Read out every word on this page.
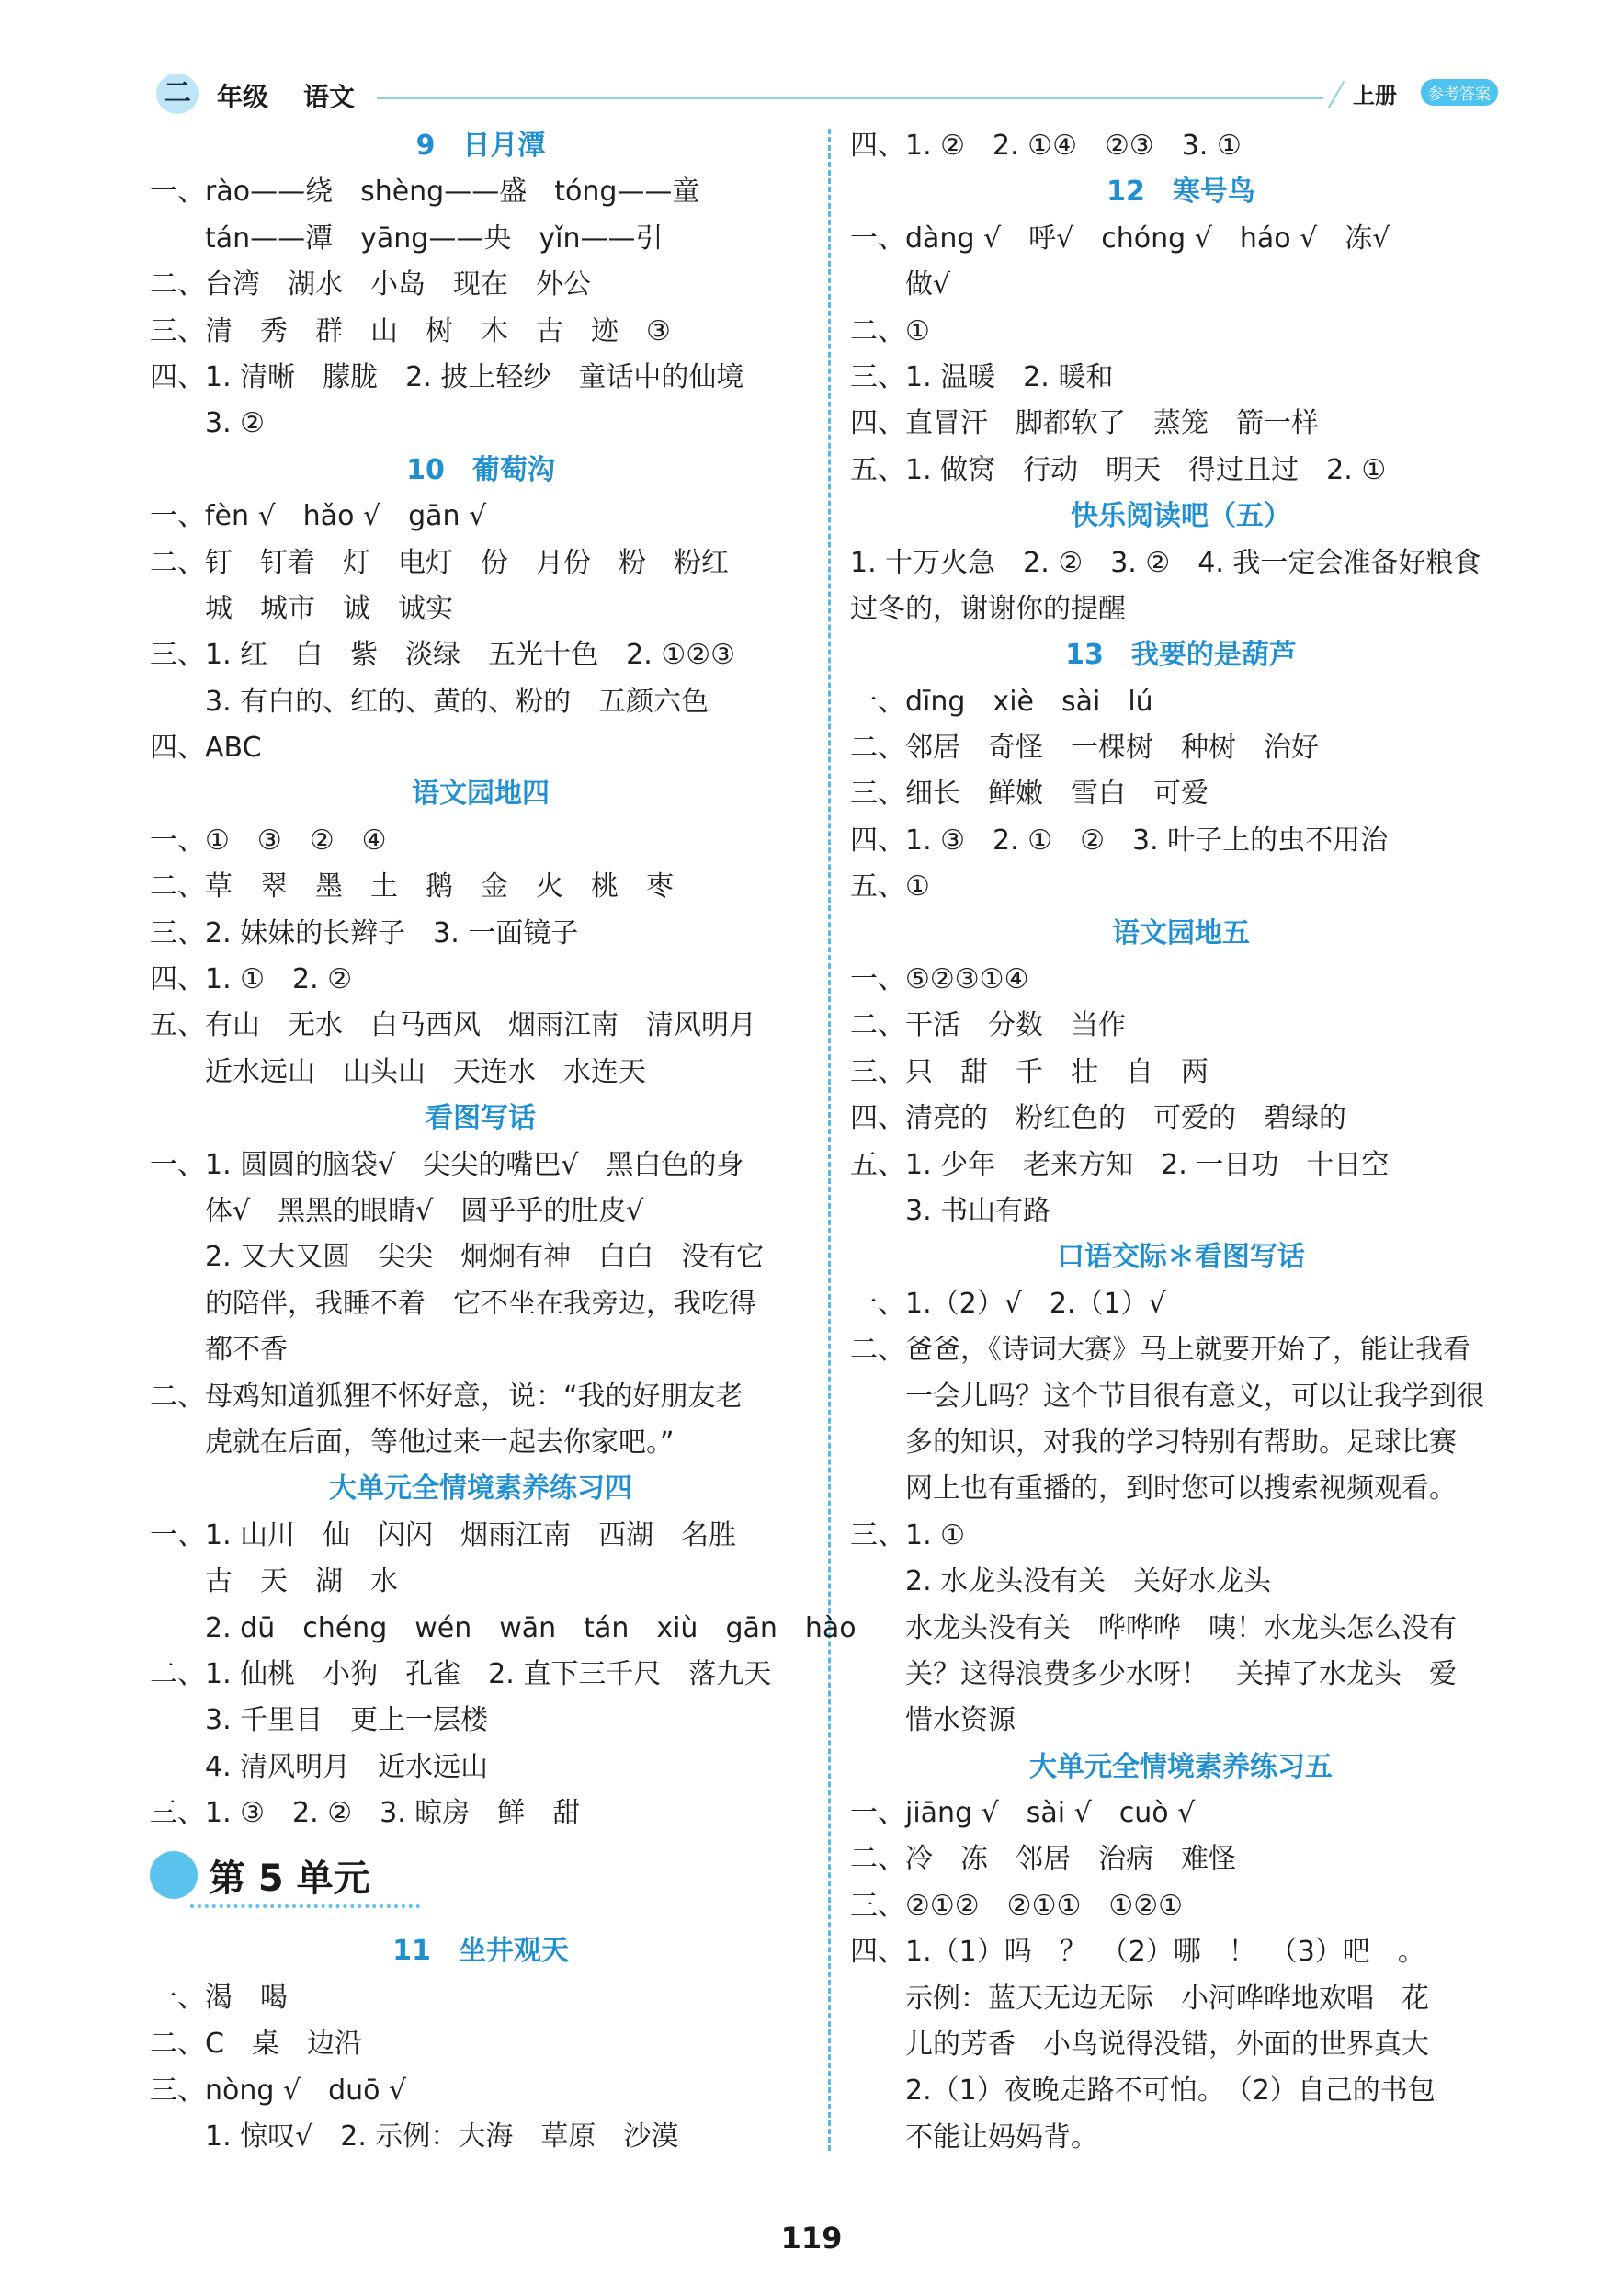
二 年级 语文	上册	参考答案
9　日月潭
一、rào——绕　shèng——盛　tóng——童
tán——潭　yāng——央　yǐn——引
二、台湾　湖水　小岛　现在　外公
三、清　秀　群　山　树　木　古　迹　③
四、1. 清晰　朦胧　2. 披上轻纱　童话中的仙境
3. ②
10　葡萄沟
一、fèn √　hǎo √　gān √
二、钉　钉着　灯　电灯　份　月份　粉　粉红
城　城市　诚　诚实
三、1. 红　白　紫　淡绿　五光十色　2. ①②③
3. 有白的、红的、黄的、粉的　五颜六色
四、ABC
语文园地四
一、①　③　②　④
二、草　翠　墨　土　鹅　金　火　桃　枣
三、2. 妹妹的长辫子　3. 一面镜子
四、1. ①　2. ②
五、有山　无水　白马西风　烟雨江南　清风明月
近水远山　山头山　天连水　水连天
看图写话
一、1. 圆圆的脑袋√　尖尖的嘴巴√　黑白色的身
体√　黑黑的眼睛√　圆乎乎的肚皮√
2. 又大又圆　尖尖　炯炯有神　白白　没有它
的陪伴，我睡不着　它不坐在我旁边，我吃得
都不香
二、母鸡知道狐狸不怀好意，说：“我的好朋友老
虎就在后面，等他过来一起去你家吧。”
大单元全情境素养练习四
一、1. 山川　仙　闪闪　烟雨江南　西湖　名胜
古　天　湖　水
2. dū　chéng　wén　wān　tán　xiù　gān　hào
二、1. 仙桃　小狗　孔雀　2. 直下三千尺　落九天
3. 千里目　更上一层楼
4. 清风明月　近水远山
三、1. ③　2. ②　3. 晾房　鲜　甜
第 5 单元
11　坐井观天
一、渴　喝
二、C　桌　边沿
三、nòng √　duō √
1. 惊叹√　2. 示例：大海　草原　沙漠
四、1. ②　2. ①④　②③　3. ①
12　寒号鸟
一、dàng √　呼√　chóng √　háo √　冻√
做√
二、①
三、1. 温暖　2. 暖和
四、直冒汗　脚都软了　蒸笼　箭一样
五、1. 做窝　行动　明天　得过且过　2. ①
快乐阅读吧（五）
1. 十万火急　2. ②　3. ②　4. 我一定会准备好粮食
过冬的，谢谢你的提醒
13　我要的是葫芦
一、dīng　xiè　sài　lú
二、邻居　奇怪　一棵树　种树　治好
三、细长　鲜嫩　雪白　可爱
四、1. ③　2. ①　②　3. 叶子上的虫不用治
五、①
语文园地五
一、⑤②③①④
二、干活　分数　当作
三、只　甜　千　壮　自　两
四、清亮的　粉红色的　可爱的　碧绿的
五、1. 少年　老来方知　2. 一日功　十日空
3. 书山有路
口语交际＊看图写话
一、1.（2）√　2.（1）√
二、爸爸，《诗词大赛》马上就要开始了，能让我看
一会儿吗？这个节目很有意义，可以让我学到很
多的知识，对我的学习特别有帮助。足球比赛
网上也有重播的，到时您可以搜索视频观看。
三、1. ①
2. 水龙头没有关　关好水龙头
水龙头没有关　哗哗哗　咦！水龙头怎么没有
关？这得浪费多少水呀！　关掉了水龙头　爱
惜水资源
大单元全情境素养练习五
一、jiāng √　sài √　cuò √
二、冷　冻　邻居　治病　难怪
三、②①②　②①①　①②①
四、1.（1）吗　？　（2）哪　！　（3）吧　。
示例：蓝天无边无际　小河哗哗地欢唱　花
儿的芳香　小鸟说得没错，外面的世界真大
2.（1）夜晚走路不可怕。　（2）自己的书包
不能让妈妈背。
119
